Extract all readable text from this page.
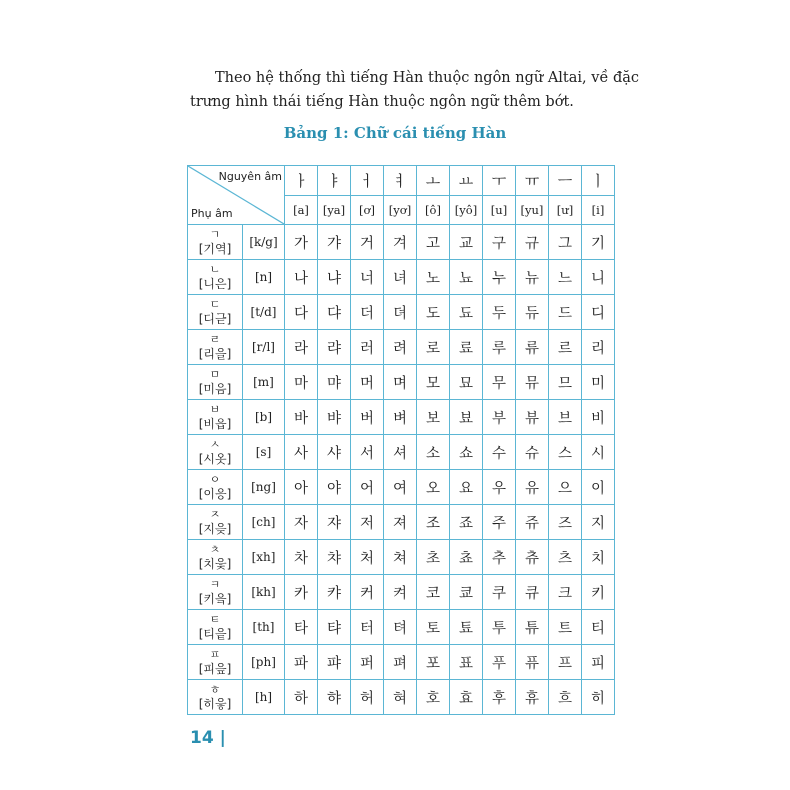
Theo hệ thống thì tiếng Hàn thuộc ngôn ngữ Altai, về đặc trưng hình thái tiếng Hàn thuộc ngôn ngữ thêm bớt.

Bảng 1: Chữ cái tiếng Hàn

Nguyên âm
Phụ âm		ㅏ	ㅑ	ㅓ	ㅕ	ㅗ	ㅛ	ㅜ	ㅠ	ㅡ	ㅣ
		[a]	[ya]	[ơ]	[yơ]	[ô]	[yô]	[u]	[yu]	[ư]	[i]

ㄱ
[기역]	[k/g]	가	갸	거	겨	고	교	구	규	그	기

ㄴ
[니은]	[n]	나	냐	너	녀	노	뇨	누	뉴	느	니

ㄷ
[디귿]	[t/d]	다	댜	더	뎌	도	됴	두	듀	드	디

ㄹ
[리을]	[r/l]	라	랴	러	려	로	료	루	류	르	리

ㅁ
[미음]	[m]	마	먀	머	며	모	묘	무	뮤	므	미

ㅂ
[비읍]	[b]	바	뱌	버	벼	보	뵤	부	뷰	브	비

ㅅ
[시옷]	[s]	사	샤	서	셔	소	쇼	수	슈	스	시

ㅇ
[이응]	[ng]	아	야	어	여	오	요	우	유	으	이

ㅈ
[지읒]	[ch]	자	쟈	저	져	조	죠	주	쥬	즈	지

ㅊ
[치읓]	[xh]	차	챠	처	쳐	초	쵸	추	츄	츠	치

ㅋ
[키읔]	[kh]	카	캬	커	켜	코	쿄	쿠	큐	크	키

ㅌ
[티읕]	[th]	타	탸	터	텨	토	툐	투	튜	트	티

ㅍ
[피읖]	[ph]	파	퍄	퍼	펴	포	표	푸	퓨	프	피

ㅎ
[히읗]	[h]	하	햐	허	혀	호	효	후	휴	흐	히
14 |
